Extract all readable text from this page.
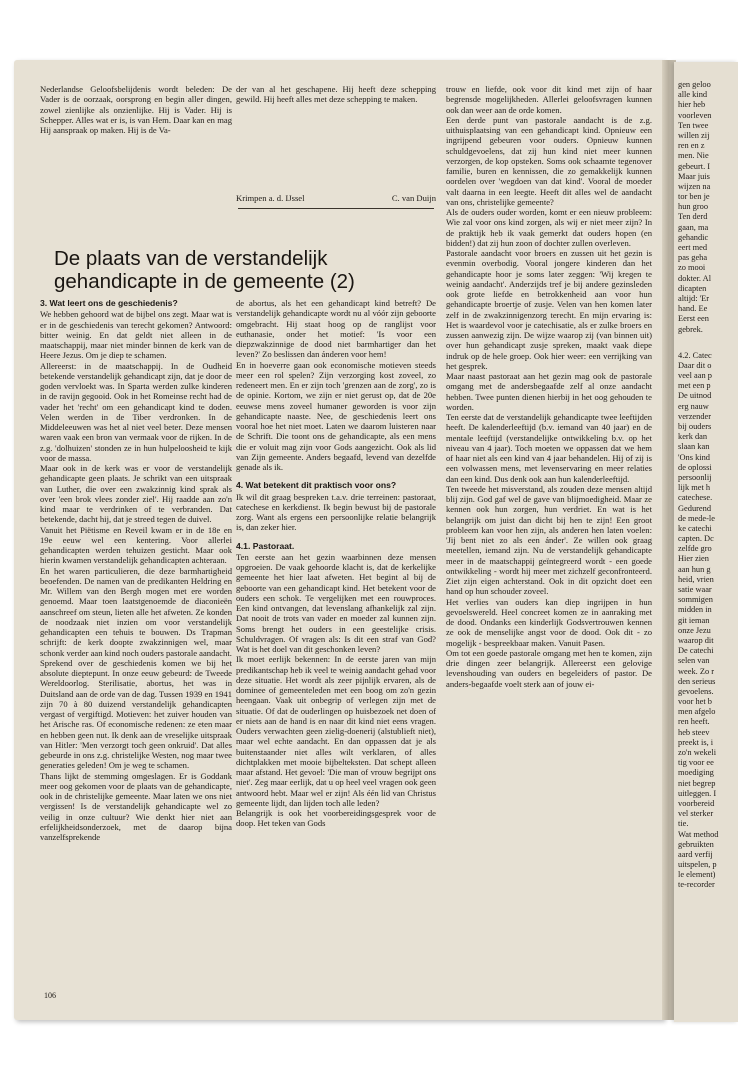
Nederlandse Geloofsbelijdenis wordt beleden: De Vader is de oorzaak, oorsprong en begin aller dingen, zowel zienlijke als onzienlijke. Hij is Vader. Hij is Schepper. Alles wat er is, is van Hem. Daar kan en mag Hij aanspraak op maken. Hij is de Va-

der van al het geschapene. Hij heeft deze schepping gewild. Hij heeft alles met deze schepping te maken.

Krimpen a. d. IJssel	C. van Duijn
De plaats van de verstandelijk gehandicapte in de gemeente (2)
3. Wat leert ons de geschiedenis?

We hebben gehoord wat de bijbel ons zegt. Maar wat is er in de geschiedenis van terecht gekomen? Antwoord: bitter weinig. En dat geldt niet alleen in de maatschappij, maar niet minder binnen de kerk van de Heere Jezus. Om je diep te schamen.

Allereerst: in de maatschappij. In de Oudheid betekende verstandelijk gehandicapt zijn, dat je door de goden vervloekt was. In Sparta werden zulke kinderen in de ravijn gegooid. Ook in het Romeinse recht had de vader het 'recht' om een gehandicapt kind te doden. Velen werden in de Tiber verdronken. In de Middeleeuwen was het al niet veel beter. Deze mensen waren vaak een bron van vermaak voor de rijken. In de z.g. 'dolhuizen' stonden ze in hun hulpeloosheid te kijk voor de massa.

Maar ook in de kerk was er voor de verstandelijk gehandicapte geen plaats. Je schrikt van een uitspraak van Luther, die over een zwakzinnig kind sprak als over 'een brok vlees zonder ziel'. Hij raadde aan zo'n kind maar te verdrinken of te verbranden. Dat betekende, dacht hij, dat je streed tegen de duivel.

Vanuit het Piëtisme en Reveil kwam er in de 18e en 19e eeuw wel een kentering. Voor allerlei gehandicapten werden tehuizen gesticht. Maar ook hierin kwamen verstandelijk gehandicapten achteraan.

En het waren particulieren, die deze barmhartigheid beoefenden. De namen van de predikanten Heldring en Mr. Willem van den Bergh mogen met ere worden genoemd. Maar toen laatstgenoemde de diaconieën aanschreef om steun, lieten alle het afweten. Ze konden de noodzaak niet inzien om voor verstandelijk gehandicapten een tehuis te bouwen. Ds Trapman schrijft: de kerk doopte zwakzinnigen wel, maar schonk verder aan kind noch ouders pastorale aandacht.

Sprekend over de geschiedenis komen we bij het absolute dieptepunt. In onze eeuw gebeurd: de Tweede Wereldoorlog. Sterilisatie, abortus, het was in Duitsland aan de orde van de dag. Tussen 1939 en 1941 zijn 70 à 80 duizend verstandelijk gehandicapten vergast of vergiftigd. Motieven: het zuiver houden van het Arische ras. Of economische redenen: ze eten maar en hebben geen nut. Ik denk aan de vreselijke uitspraak van Hitler: 'Men verzorgt toch geen onkruid'. Dat alles gebeurde in ons z.g. christelijke Westen, nog maar twee generaties geleden! Om je weg te schamen.

Thans lijkt de stemming omgeslagen. Er is Goddank meer oog gekomen voor de plaats van de gehandicapte, ook in de christelijke gemeente. Maar laten we ons niet vergissen! Is de verstandelijk gehandicapte wel zo veilig in onze cultuur? Wie denkt hier niet aan erfelijkheidsonderzoek, met de daarop bijna vanzelfsprekende

de abortus, als het een gehandicapt kind betreft? De verstandelijk gehandicapte wordt nu al vóór zijn geboorte omgebracht. Hij staat hoog op de ranglijst voor euthanasie, onder het motief: 'Is voor een diepzwakzinnige de dood niet barmhartiger dan het leven?' Zo beslissen dan ánderen voor hem!

En in hoeverre gaan ook economische motieven steeds meer een rol spelen? Zijn verzorging kost zoveel, zo redeneert men. En er zijn toch 'grenzen aan de zorg', zo is de opinie. Kortom, we zijn er niet gerust op, dat de 20e eeuwse mens zoveel humaner geworden is voor zijn gehandicapte naaste. Nee, de geschiedenis leert ons vooral hoe het niet moet. Laten we daarom luisteren naar de Schrift. Die toont ons de gehandicapte, als een mens die er voluit mag zijn voor Gods aangezicht. Ook als lid van Zijn gemeente. Anders begaafd, levend van dezelfde genade als ik.

4. Wat betekent dit praktisch voor ons?

Ik wil dit graag bespreken t.a.v. drie terreinen: pastoraat, catechese en kerkdienst. Ik begin bewust bij de pastorale zorg. Want als ergens een persoonlijke relatie belangrijk is, dan zeker hier.

4.1. Pastoraat.

Ten eerste aan het gezin waarbinnen deze mensen opgroeien. De vaak gehoorde klacht is, dat de kerkelijke gemeente het hier laat afweten. Het begint al bij de geboorte van een gehandicapt kind. Het betekent voor de ouders een schok. Te vergelijken met een rouwproces. Een kind ontvangen, dat levenslang afhankelijk zal zijn. Dat nooit de trots van vader en moeder zal kunnen zijn. Soms brengt het ouders in een geestelijke crisis. Schuldvragen. Of vragen als: Is dit een straf van God? Wat is het doel van dit geschonken leven?

Ik moet eerlijk bekennen: In de eerste jaren van mijn predikantschap heb ik veel te weinig aandacht gehad voor deze situatie. Het wordt als zeer pijnlijk ervaren, als de dominee of gemeenteleden met een boog om zo'n gezin heengaan. Vaak uit onbegrip of verlegen zijn met de situatie. Of dat de ouderlingen op huisbezoek net doen of er niets aan de hand is en naar dit kind niet eens vragen. Ouders verwachten geen zielig-doenerij (alstublieft niet), maar wel echte aandacht. En dan oppassen dat je als buitenstaander niet alles wilt verklaren, of alles dichtplakken met mooie bijbelteksten. Dat schept alleen maar afstand. Het gevoel: 'Die man of vrouw begrijpt ons niet'. Zeg maar eerlijk, dat u op heel veel vragen ook geen antwoord hebt. Maar wel er zijn! Als één lid van Christus gemeente lijdt, dan lijden toch alle leden?

Belangrijk is ook het voorbereidingsgesprek voor de doop. Het teken van Gods

trouw en liefde, ook voor dit kind met zijn of haar begrensde mogelijkheden. Allerlei geloofsvragen kunnen ook dan weer aan de orde komen.

Een derde punt van pastorale aandacht is de z.g. uithuisplaatsing van een gehandicapt kind. Opnieuw een ingrijpend gebeuren voor ouders. Opnieuw kunnen schuldgevoelens, dat zij hun kind niet meer kunnen verzorgen, de kop opsteken. Soms ook schaamte tegenover familie, buren en kennissen, die zo gemakkelijk kunnen oordelen over 'wegdoen van dat kind'. Vooral de moeder valt daarna in een leegte. Heeft dit alles wel de aandacht van ons, christelijke gemeente?

Als de ouders ouder worden, komt er een nieuw probleem: Wie zal voor ons kind zorgen, als wij er niet meer zijn? In de praktijk heb ik vaak gemerkt dat ouders hopen (en bidden!) dat zij hun zoon of dochter zullen overleven.

Pastorale aandacht voor broers en zussen uit het gezin is evenmin overbodig. Vooral jongere kinderen dan het gehandicapte hoor je soms later zeggen: 'Wij kregen te weinig aandacht'. Anderzijds tref je bij andere gezinsleden ook grote liefde en betrokkenheid aan voor hun gehandicapte broertje of zusje. Velen van hen komen later zelf in de zwakzinnigenzorg terecht. En mijn ervaring is: Het is waardevol voor je catechisatie, als er zulke broers en zussen aanwezig zijn. De wijze waarop zij (van binnen uit) over hun gehandicapt zusje spreken, maakt vaak diepe indruk op de hele groep. Ook hier weer: een verrijking van het gesprek.

Maar naast pastoraat aan het gezin mag ook de pastorale omgang met de andersbegaafde zelf al onze aandacht hebben. Twee punten dienen hierbij in het oog gehouden te worden.

Ten eerste dat de verstandelijk gehandicapte twee leeftijden heeft. De kalenderleeftijd (b.v. iemand van 40 jaar) en de mentale leeftijd (verstandelijke ontwikkeling b.v. op het niveau van 4 jaar). Toch moeten we oppassen dat we hem of haar niet als een kind van 4 jaar behandelen. Hij of zij is een volwassen mens, met levenservaring en meer relaties dan een kind. Dus denk ook aan hun kalenderleeftijd.

Ten tweede het misverstand, als zouden deze mensen altijd blij zijn. God gaf wel de gave van blijmoedigheid. Maar ze kennen ook hun zorgen, hun verdriet. En wat is het belangrijk om juist dan dicht bij hen te zijn! Een groot probleem kan voor hen zijn, als anderen hen laten voelen: 'Jij bent niet zo als een ánder'. Ze willen ook graag meetellen, iemand zijn. Nu de verstandelijk gehandicapte meer in de maatschappij geïntegreerd wordt - een goede ontwikkeling - wordt hij meer met zichzelf geconfronteerd. Ziet zijn eigen achterstand. Ook in dit opzicht doet een hand op hun schouder zoveel.

Het verlies van ouders kan diep ingrijpen in hun gevoelswereld. Heel concreet komen ze in aanraking met de dood. Ondanks een kinderlijk Godsvertrouwen kennen ze ook de menselijke angst voor de dood. Ook dit - zo mogelijk - bespreekbaar maken. Vanuit Pasen.

Om tot een goede pastorale omgang met hen te komen, zijn drie dingen zeer belangrijk. Allereerst een gelovige levenshouding van ouders en begeleiders of pastor. De anders-begaafde voelt sterk aan of jouw ei-

106
gen geloo
alle kind
hier heb
voorleven
Ten twee
willen zij
ren en z
men. Nie
gebeurt. I
Maar juis
wijzen na
tor ben je
hun groo
Ten derd
gaan, ma
gehandic
eert med
pas geha
zo mooi
dokter. Al
dicapten
altijd: 'Er
hand. Ee
Eerst een
gebrek.
4.2. Catec
Daar dit o
veel aan p
met een p
De uitnod
erg nauw
verzender
bij ouders
kerk dan
slaan kan
'Ons kind
de oplossi
persoonlij
lijk met h
catechese.
Gedurend
de mede-le
ke catechi
capten. Dc
zelfde gro
Hier zien
aan hun g
heid, vrien
satie waar
sommigen
midden in
git ieman
onze Jezu
waarop dit
De catechi
selen van
week. Zo r
den serieus
gevoelens.
voor het b
men afgelo
ren heeft.
heb steev
preekt is, i
zo'n wekeli
tig voor ee
moediging
niet begrep
uitleggen. I
voorbereid
vel sterker
tie.
Wat method
gebruikten
aard verfij
uitspelen, p
le element)
te-recorder
